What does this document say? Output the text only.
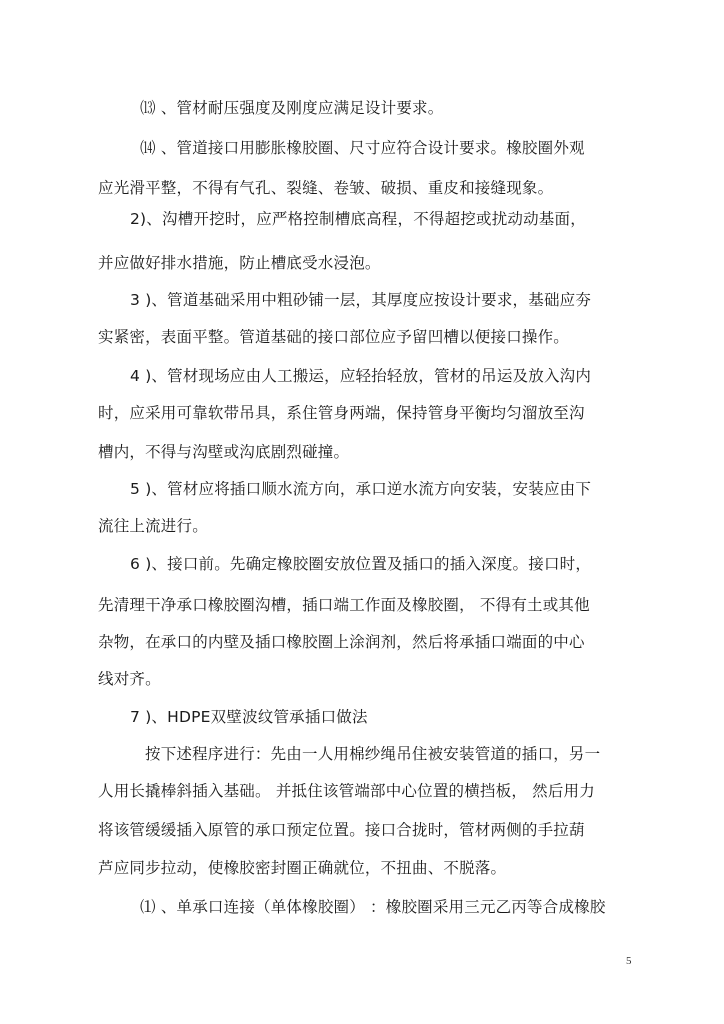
⒀ 、管材耐压强度及刚度应满足设计要求。
⒁ 、管道接口用膨胀橡胶圈、尺寸应符合设计要求。橡胶圈外观
应光滑平整，不得有气孔、裂缝、卷皱、破损、重皮和接缝现象。
2)、沟槽开挖时，应严格控制槽底高程，不得超挖或扰动动基面，
并应做好排水措施，防止槽底受水浸泡。
3 )、管道基础采用中粗砂铺一层，其厚度应按设计要求，基础应夯
实紧密，表面平整。管道基础的接口部位应予留凹槽以便接口操作。
4 )、管材现场应由人工搬运，应轻抬轻放，管材的吊运及放入沟内
时，应采用可靠软带吊具，系住管身两端，保持管身平衡均匀溜放至沟
槽内，不得与沟壁或沟底剧烈碰撞。
5 )、管材应将插口顺水流方向，承口逆水流方向安装，安装应由下
流往上流进行。
6 )、接口前。先确定橡胶圈安放位置及插口的插入深度。接口时，
先清理干净承口橡胶圈沟槽，插口端工作面及橡胶圈， 不得有土或其他
杂物，在承口的内壁及插口橡胶圈上涂润剂，然后将承插口端面的中心
线对齐。
7 )、HDPE双壁波纹管承插口做法
按下述程序进行：先由一人用棉纱绳吊住被安装管道的插口，另一
人用长撬棒斜插入基础。 并抵住该管端部中心位置的横挡板， 然后用力
将该管缓缓插入原管的承口预定位置。接口合拢时，管材两侧的手拉葫
芦应同步拉动，使橡胶密封圈正确就位，不扭曲、不脱落。
⑴ 、单承口连接（单体橡胶圈） ：橡胶圈采用三元乙丙等合成橡胶
5
